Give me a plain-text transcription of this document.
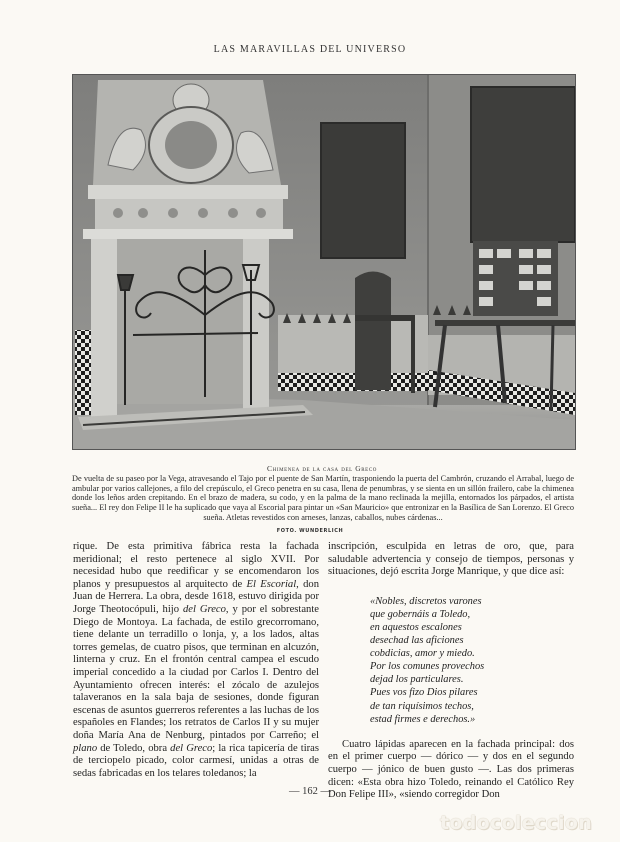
LAS MARAVILLAS DEL UNIVERSO
Chimenea de la casa del Greco
De vuelta de su paseo por la Vega, atravesando el Tajo por el puente de San Martín, trasponiendo la puerta del Cambrón, cruzando el Arrabal, luego de ambular por varios callejones, a filo del crepúsculo, el Greco penetra en su casa, llena de penumbras, y se sienta en un sillón frailero, cabe la chimenea donde los leños arden crepitando. En el brazo de madera, su codo, y en la palma de la mano reclinada la mejilla, entornados los párpados, el artista sueña... El rey don Felipe II le ha suplicado que vaya al Escorial para pintar un «San Mauricio» que entronizar en la Basílica de San Lorenzo. El Greco sueña. Atletas revestidos con arneses, lanzas, caballos, nubes cárdenas...
FOTO. WUNDERLICH

rique. De esta primitiva fábrica resta la fachada meridional; el resto pertenece al siglo XVII. Por necesidad hubo que reedificar y se encomendaron los planos y presupuestos al arquitecto de El Escorial, don Juan de Herrera. La obra, desde 1618, estuvo dirigida por Jorge Theotocópuli, hijo del Greco, y por el sobrestante Diego de Montoya. La fachada, de estilo grecorromano, tiene delante un terradillo o lonja, y, a los lados, altas torres gemelas, de cuatro pisos, que terminan en alcuzón, linterna y cruz. En el frontón central campea el escudo imperial concedido a la ciudad por Carlos I. Dentro del Ayuntamiento ofrecen interés: el zócalo de azulejos talaveranos en la sala baja de sesiones, donde figuran escenas de asuntos guerreros referentes a las luchas de los españoles en Flandes; los retratos de Carlos II y su mujer doña María Ana de Nenburg, pintados por Carreño; el plano de Toledo, obra del Greco; la rica tapicería de tiras de terciopelo picado, color carmesí, unidas a otras de sedas fabricadas en los telares toledanos; la

inscripción, esculpida en letras de oro, que, para saludable advertencia y consejo de tiempos, personas y situaciones, dejó escrita Jorge Manrique, y que dice así:

«Nobles, discretos varones
que gobernáis a Toledo,
en aquestos escalones
desechad las aficiones
cobdicias, amor y miedo.
Por los comunes provechos
dejad los particulares.
Pues vos fizo Dios pilares
de tan riquísimos techos,
estad firmes e derechos.»

Cuatro lápidas aparecen en la fachada principal: dos en el primer cuerpo — dórico — y dos en el segundo cuerpo — jónico de buen gusto —. Las dos primeras dicen: «Esta obra hizo Toledo, reinando el Católico Rey Don Felipe III», «siendo corregidor Don

— 162 —
todocoleccion
